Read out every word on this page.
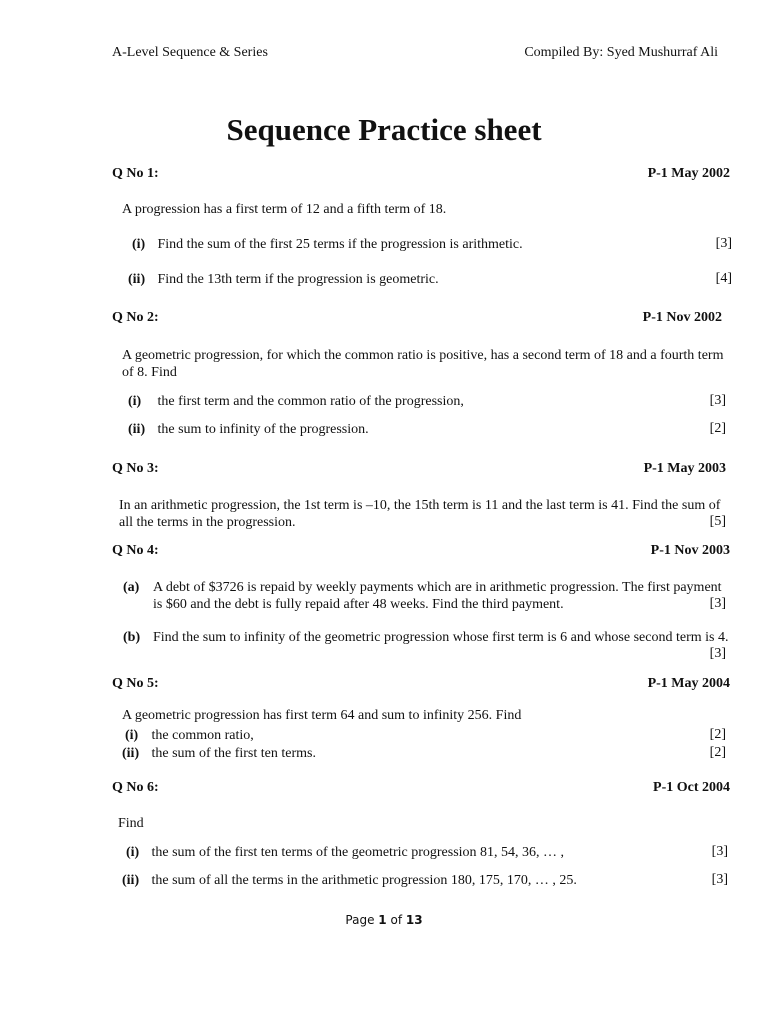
A-Level Sequence & Series	Compiled By: Syed Mushurraf Ali
Sequence Practice sheet
Q No 1:	P-1 May 2002
A progression has a first term of 12 and a fifth term of 18.
(i) Find the sum of the first 25 terms if the progression is arithmetic.	[3]
(ii) Find the 13th term if the progression is geometric.	[4]
Q No 2:	P-1 Nov 2002
A geometric progression, for which the common ratio is positive, has a second term of 18 and a fourth term of 8. Find
(i) the first term and the common ratio of the progression,	[3]
(ii) the sum to infinity of the progression.	[2]
Q No 3:	P-1 May 2003
In an arithmetic progression, the 1st term is –10, the 15th term is 11 and the last term is 41. Find the sum of all the terms in the progression.	[5]
Q No 4:	P-1 Nov 2003
(a) A debt of $3726 is repaid by weekly payments which are in arithmetic progression. The first payment is $60 and the debt is fully repaid after 48 weeks. Find the third payment.	[3]
(b) Find the sum to infinity of the geometric progression whose first term is 6 and whose second term is 4.
[3]
Q No 5:	P-1 May 2004
A geometric progression has first term 64 and sum to infinity 256. Find
(i) the common ratio,	[2]
(ii) the sum of the first ten terms.	[2]
Q No 6:	P-1 Oct 2004
Find
(i) the sum of the first ten terms of the geometric progression 81, 54, 36, … ,	[3]
(ii) the sum of all the terms in the arithmetic progression 180, 175, 170, … , 25.	[3]
Page 1 of 13
